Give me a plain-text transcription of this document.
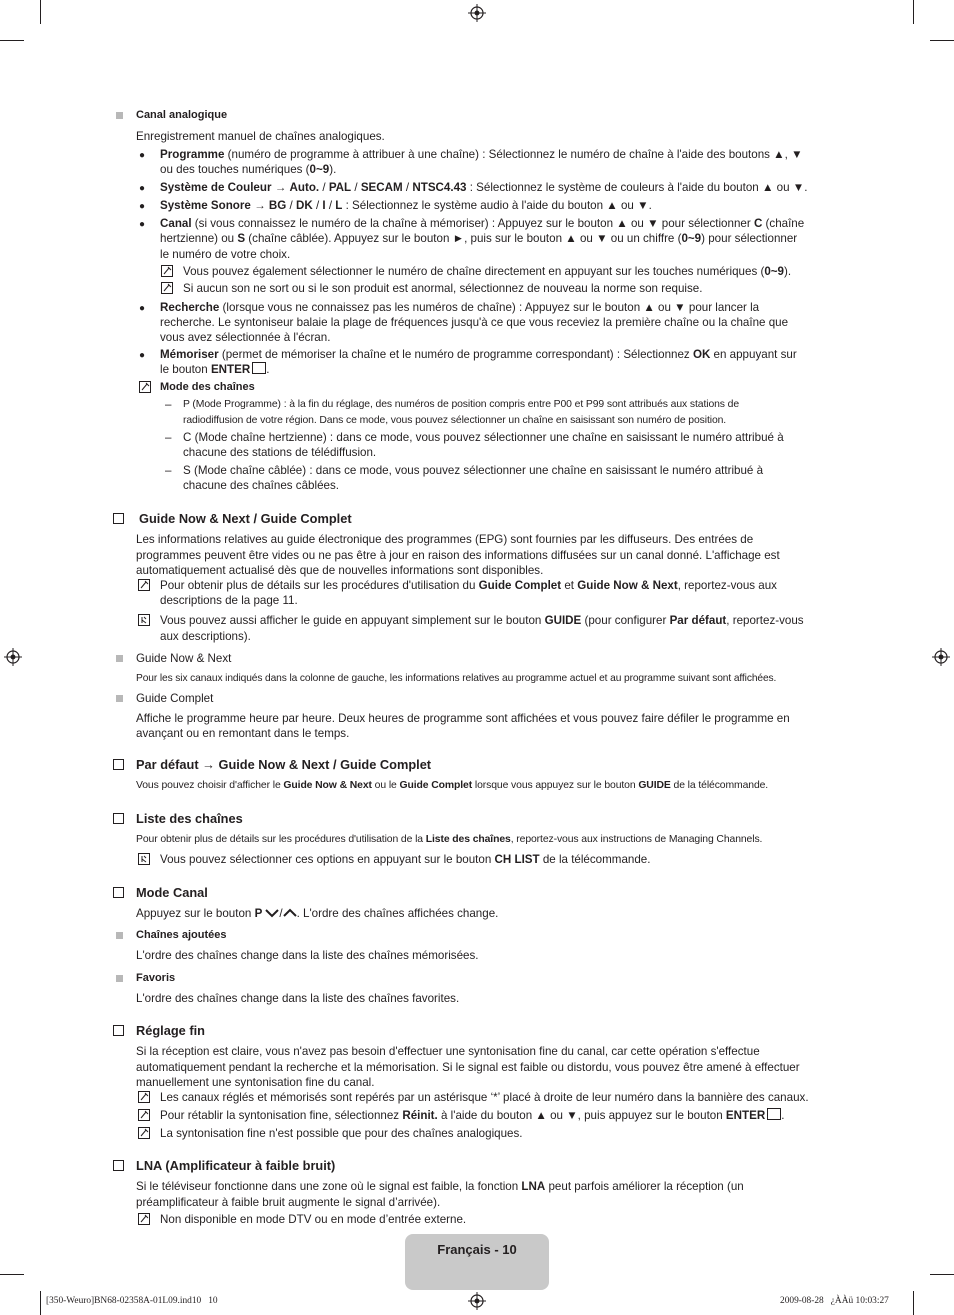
Canal analogique
Enregistrement manuel de chaînes analogiques.
● Programme (numéro de programme à attribuer à une chaîne) : Sélectionnez le numéro de chaîne à l'aide des boutons ▲, ▼
ou des touches numériques (0~9).
● Système de Couleur → Auto. / PAL / SECAM / NTSC4.43 : Sélectionnez le système de couleurs à l'aide du bouton ▲ ou ▼.
● Système Sonore → BG / DK / I / L : Sélectionnez le système audio à l'aide du bouton ▲ ou ▼.
● Canal (si vous connaissez le numéro de la chaîne à mémoriser) : Appuyez sur le bouton ▲ ou ▼ pour sélectionner C (chaîne
hertzienne) ou S (chaîne câblée). Appuyez sur le bouton ►, puis sur le bouton ▲ ou ▼ ou un chiffre (0~9) pour sélectionner
le numéro de votre choix.
Vous pouvez également sélectionner le numéro de chaîne directement en appuyant sur les touches numériques (0~9).
Si aucun son ne sort ou si le son produit est anormal, sélectionnez de nouveau la norme son requise.
● Recherche (lorsque vous ne connaissez pas les numéros de chaîne) : Appuyez sur le bouton ▲ ou ▼ pour lancer la
recherche. Le syntoniseur balaie la plage de fréquences jusqu'à ce que vous receviez la première chaîne ou la chaîne que
vous avez sélectionnée à l'écran.
● Mémoriser (permet de mémoriser la chaîne et le numéro de programme correspondant) : Sélectionnez OK en appuyant sur
le bouton ENTER .
Mode des chaînes
– P (Mode Programme) : à la fin du réglage, des numéros de position compris entre P00 et P99 sont attribués aux stations de
radiodiffusion de votre région. Dans ce mode, vous pouvez sélectionner un chaîne en saisissant son numéro de position.
– C (Mode chaîne hertzienne) : dans ce mode, vous pouvez sélectionner une chaîne en saisissant le numéro attribué à
chacune des stations de télédiffusion.
– S (Mode chaîne câblée) : dans ce mode, vous pouvez sélectionner une chaîne en saisissant le numéro attribué à
chacune des chaînes câblées.
Guide Now & Next / Guide Complet
Les informations relatives au guide électronique des programmes (EPG) sont fournies par les diffuseurs. Des entrées de
programmes peuvent être vides ou ne pas être à jour en raison des informations diffusées sur un canal donné. L'affichage est
automatiquement actualisé dès que de nouvelles informations sont disponibles.
Pour obtenir plus de détails sur les procédures d'utilisation du Guide Complet et Guide Now & Next, reportez-vous aux
descriptions de la page 11.
Vous pouvez aussi afficher le guide en appuyant simplement sur le bouton GUIDE (pour configurer Par défaut, reportez-vous
aux descriptions).
Guide Now & Next
Pour les six canaux indiqués dans la colonne de gauche, les informations relatives au programme actuel et au programme suivant sont affichées.
Guide Complet
Affiche le programme heure par heure. Deux heures de programme sont affichées et vous pouvez faire défiler le programme en
avançant ou en remontant dans le temps.
Par défaut → Guide Now & Next / Guide Complet
Vous pouvez choisir d'afficher le Guide Now & Next ou le Guide Complet lorsque vous appuyez sur le bouton GUIDE de la télécommande.
Liste des chaînes
Pour obtenir plus de détails sur les procédures d'utilisation de la Liste des chaînes, reportez-vous aux instructions de Managing Channels.
Vous pouvez sélectionner ces options en appuyant sur le bouton CH LIST de la télécommande.
Mode Canal
Appuyez sur le bouton P / . L'ordre des chaînes affichées change.
Chaînes ajoutées
L'ordre des chaînes change dans la liste des chaînes mémorisées.
Favoris
L'ordre des chaînes change dans la liste des chaînes favorites.
Réglage fin
Si la réception est claire, vous n'avez pas besoin d'effectuer une syntonisation fine du canal, car cette opération s'effectue
automatiquement pendant la recherche et la mémorisation. Si le signal est faible ou distordu, vous pouvez être amené à effectuer
manuellement une syntonisation fine du canal.
Les canaux réglés et mémorisés sont repérés par un astérisque ‘*’ placé à droite de leur numéro dans la bannière des canaux.
Pour rétablir la syntonisation fine, sélectionnez Réinit. à l'aide du bouton ▲ ou ▼, puis appuyez sur le bouton ENTER .
La syntonisation fine n'est possible que pour des chaînes analogiques.
LNA (Amplificateur à faible bruit)
Si le téléviseur fonctionne dans une zone où le signal est faible, la fonction LNA peut parfois améliorer la réception (un
préamplificateur à faible bruit augmente le signal d’arrivée).
Non disponible en mode DTV ou en mode d’entrée externe.
Français - 10
[350-Weuro]BN68-02358A-01L09.ind10   10	2009-08-28   ¿ÀÀü 10:03:27
